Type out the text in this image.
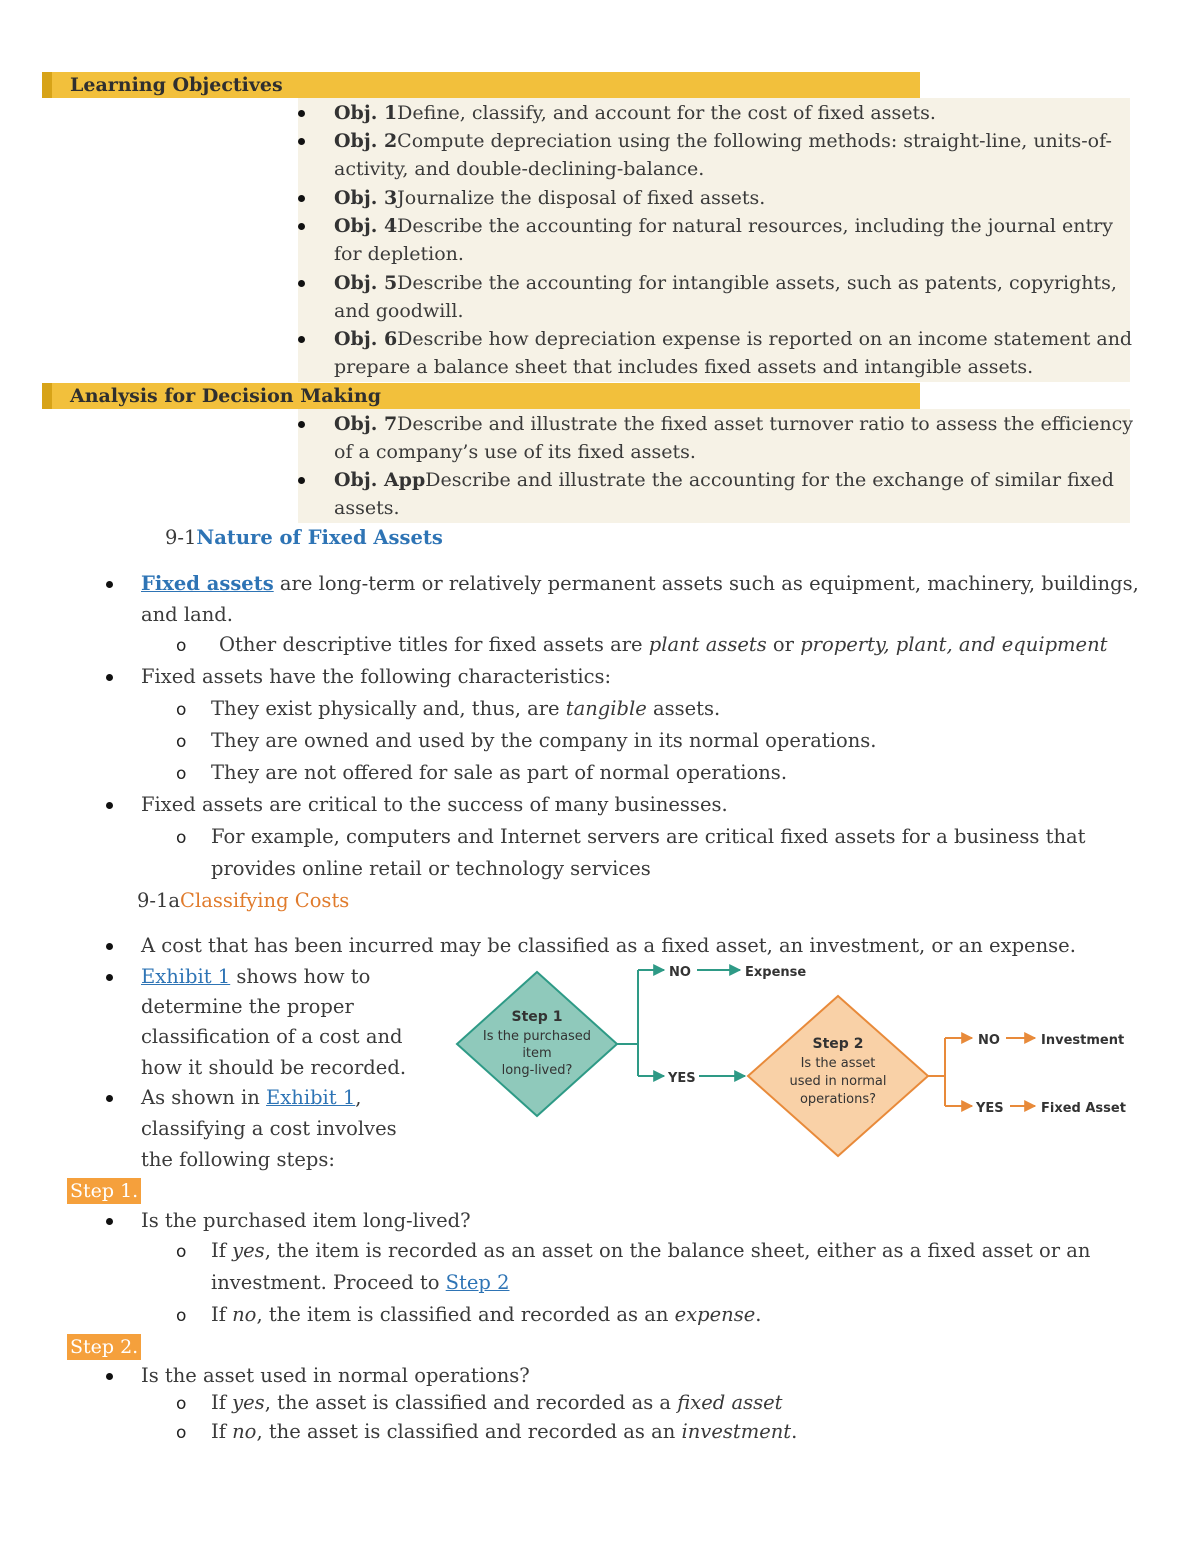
Learning Objectives
Obj. 1Define, classify, and account for the cost of fixed assets.
Obj. 2Compute depreciation using the following methods: straight-line, units-of-activity, and double-declining-balance.
Obj. 3Journalize the disposal of fixed assets.
Obj. 4Describe the accounting for natural resources, including the journal entry for depletion.
Obj. 5Describe the accounting for intangible assets, such as patents, copyrights, and goodwill.
Obj. 6Describe how depreciation expense is reported on an income statement and prepare a balance sheet that includes fixed assets and intangible assets.
Analysis for Decision Making
Obj. 7Describe and illustrate the fixed asset turnover ratio to assess the efficiency of a company’s use of its fixed assets.
Obj. AppDescribe and illustrate the accounting for the exchange of similar fixed assets.
9-1Nature of Fixed Assets
Fixed assets are long-term or relatively permanent assets such as equipment, machinery, buildings,
and land.
o Other descriptive titles for fixed assets are plant assets or property, plant, and equipment
Fixed assets have the following characteristics:
o They exist physically and, thus, are tangible assets.
o They are owned and used by the company in its normal operations.
o They are not offered for sale as part of normal operations.
Fixed assets are critical to the success of many businesses.
o For example, computers and Internet servers are critical fixed assets for a business that
provides online retail or technology services
9-1aClassifying Costs
A cost that has been incurred may be classified as a fixed asset, an investment, or an expense.
Exhibit 1 shows how to
determine the proper
classification of a cost and
how it should be recorded.
As shown in Exhibit 1,
classifying a cost involves
the following steps:
Step 1
Is the purchased
item
long-lived?
NO	Expense
YES
Step 2
Is the asset
used in normal
operations?
NO	Investment
YES	Fixed Asset
Step 1.
Is the purchased item long-lived?
o If yes, the item is recorded as an asset on the balance sheet, either as a fixed asset or an
investment. Proceed to Step 2
o If no, the item is classified and recorded as an expense.
Step 2.
Is the asset used in normal operations?
o If yes, the asset is classified and recorded as a fixed asset
o If no, the asset is classified and recorded as an investment.
